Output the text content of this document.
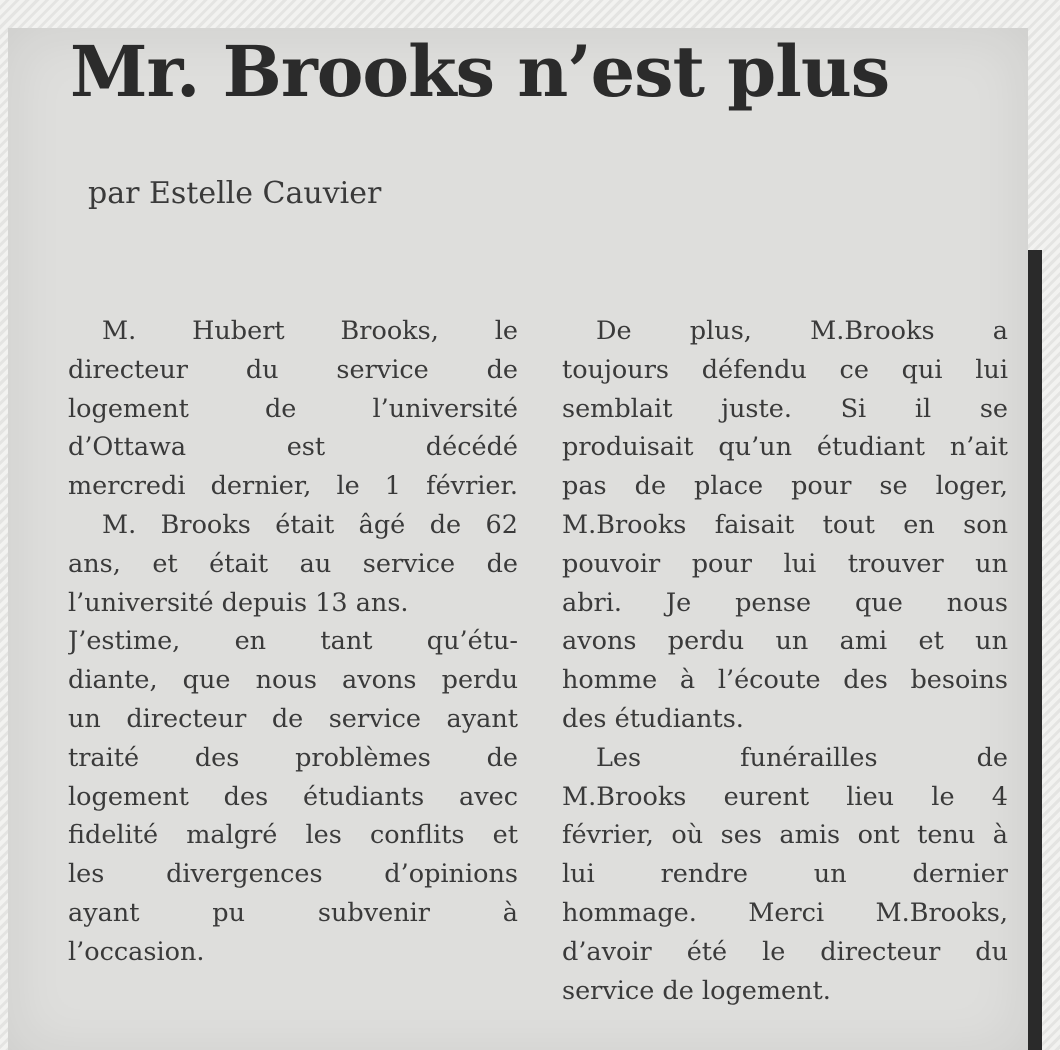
Mr. Brooks n’est plus
par Estelle Cauvier
M. Hubert Brooks, le
directeur du service de
logement de l’université
d’Ottawa est décédé
mercredi dernier, le 1 février.
M. Brooks était âgé de 62
ans, et était au service de
l’université depuis 13 ans.
J’estime, en tant qu’étu-
diante, que nous avons perdu
un directeur de service ayant
traité des problèmes de
logement des étudiants avec
fidelité malgré les conflits et
les divergences d’opinions
ayant pu subvenir à
l’occasion.
De plus, M.Brooks a
toujours défendu ce qui lui
semblait juste. Si il se
produisait qu’un étudiant n’ait
pas de place pour se loger,
M.Brooks faisait tout en son
pouvoir pour lui trouver un
abri. Je pense que nous
avons perdu un ami et un
homme à l’écoute des besoins
des étudiants.
Les funérailles de
M.Brooks eurent lieu le 4
février, où ses amis ont tenu à
lui rendre un dernier
hommage. Merci M.Brooks,
d’avoir été le directeur du
service de logement.
